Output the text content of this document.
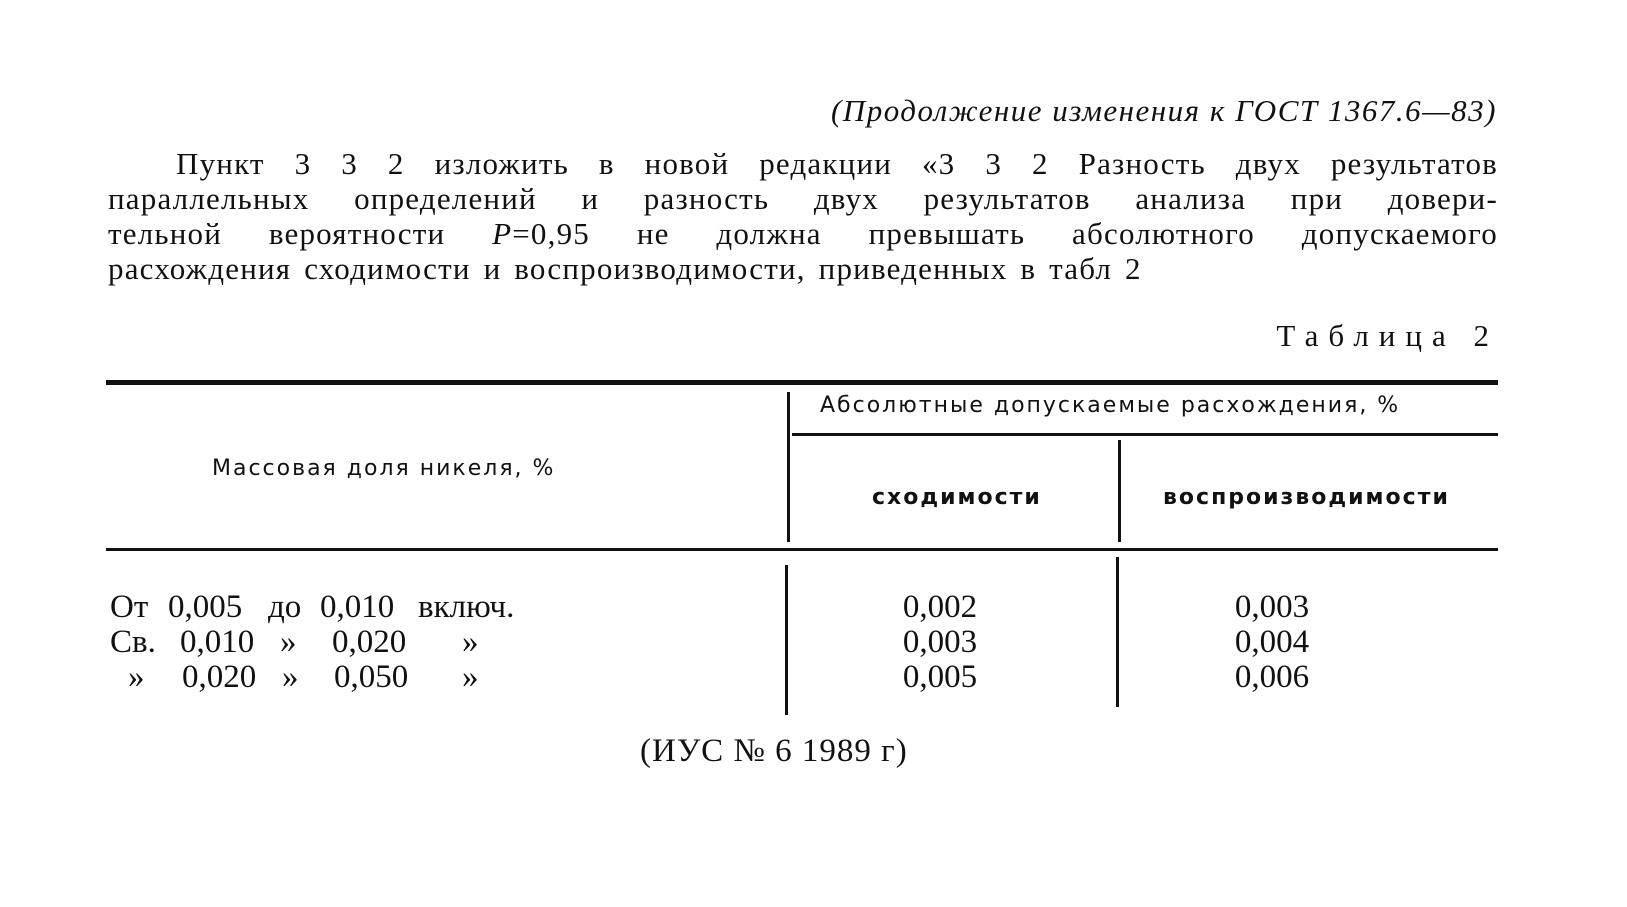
(Продолжение изменения к ГОСТ 1367.6—83)
Пункт 3 3 2 изложить в новой редакции «3 3 2 Разность двух результатов
параллельных определений и разность двух результатов анализа при довери-
тельной вероятности P=0,95 не должна превышать абсолютного допускаемого
расхождения сходимости и воспроизводимости, приведенных в табл 2
Таблица 2
Массовая доля никеля, %
Абсолютные допускаемые расхождения, %
сходимости	воспроизводимости
От 0,005 до 0,010 включ.	0,002	0,003
Св. 0,010 » 0,020 »	0,003	0,004
» 0,020 » 0,050 »	0,005	0,006
(ИУС № 6 1989 г)
